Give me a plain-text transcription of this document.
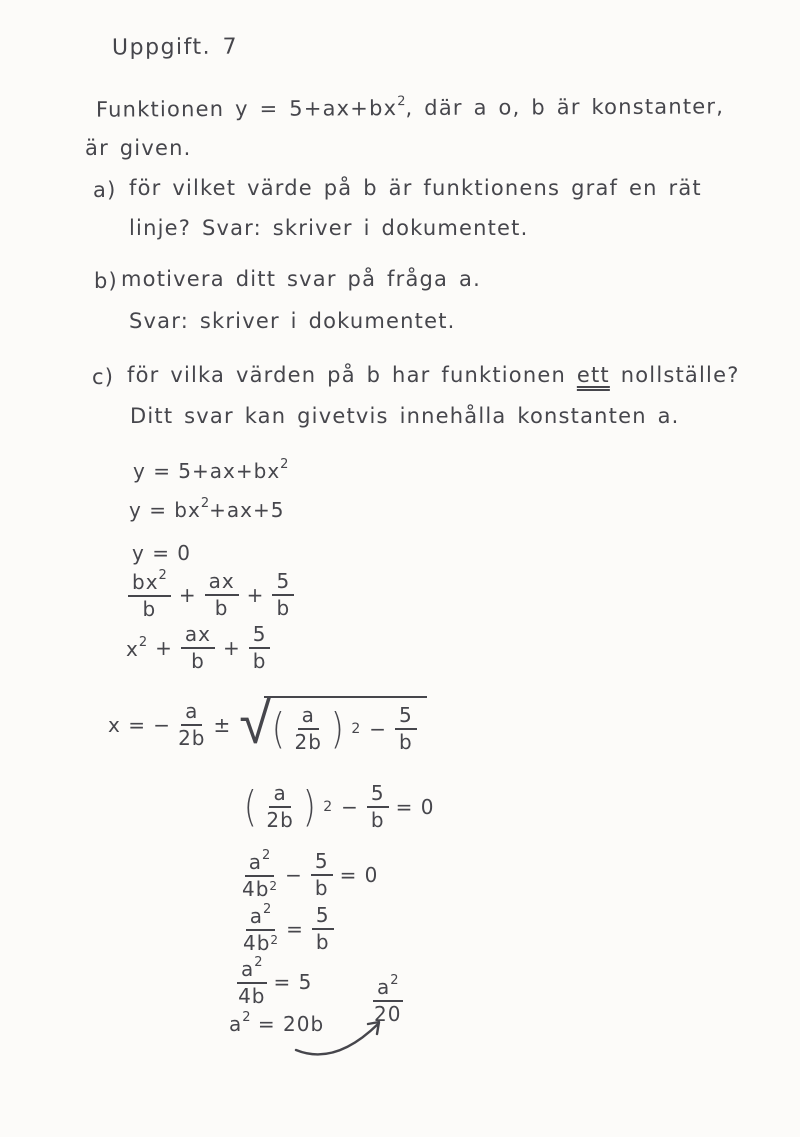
Uppgift. 7
Funktionen $y = 5+ax+bx^2$, där a o, b är konstanter,
är given.
a) för vilket värde på b är funktionens graf en rät
linje? Svar: skriver i dokumentet.
b) motivera ditt svar på fråga a.
Svar: skriver i dokumentet.
c) för vilka värden på b har funktionen ett nollställe?
Ditt svar kan givetvis innehålla konstanten a.
$y = 5+ax+bx^2$
$y = bx^2+ax+5$
y = 0
$\frac{bx^2}{b} + \frac{ax}{b} + \frac{5}{b}$
$x^2 + \frac{ax}{b} + \frac{5}{b}$
x = − $\frac{a}{2b}$ ± √ ( $\frac{a}{2b}$ ) $2 - \frac{5}{b}$
( $\frac{a}{2b}$ ) $2 - \frac{5}{b} = 0$
$\frac{a^2}{4b^2} - \frac{5}{b} = 0$
$\frac{a^2}{4b^2} = \frac{5}{b}$
$\frac{a^2}{4b} = 5$	$\frac{a^2}{20}$
$a^2 = 20b$
